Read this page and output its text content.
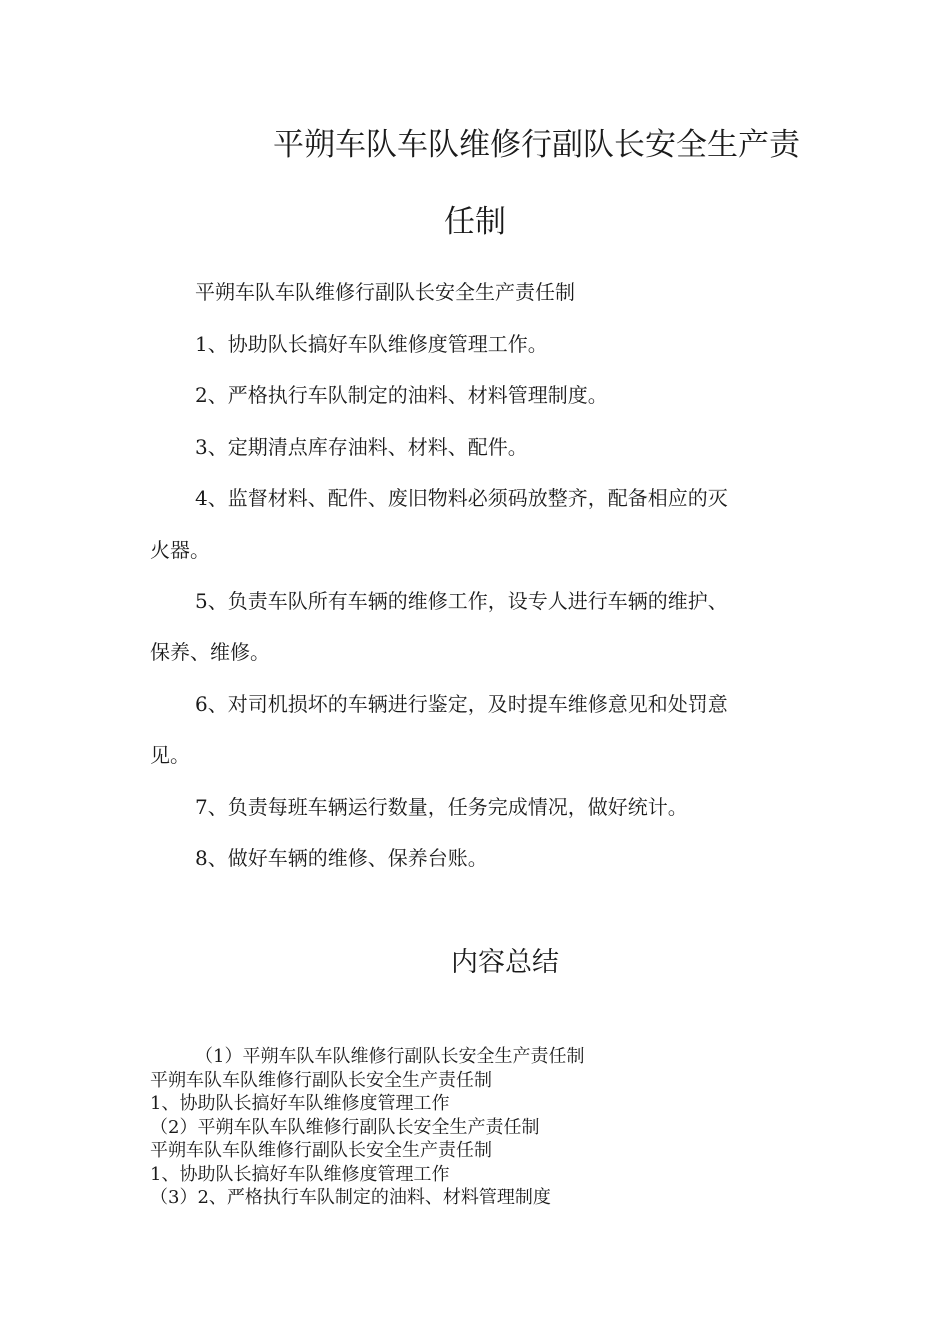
平朔车队车队维修行副队长安全生产责
任制

平朔车队车队维修行副队长安全生产责任制

1、协助队长搞好车队维修度管理工作。

2、严格执行车队制定的油料、材料管理制度。

3、定期清点库存油料、材料、配件。

4、监督材料、配件、废旧物料必须码放整齐，配备相应的灭

火器。

5、负责车队所有车辆的维修工作，设专人进行车辆的维护、

保养、维修。

6、对司机损坏的车辆进行鉴定，及时提车维修意见和处罚意

见。

7、负责每班车辆运行数量，任务完成情况，做好统计。

8、做好车辆的维修、保养台账。

内容总结
（1）平朔车队车队维修行副队长安全生产责任制
平朔车队车队维修行副队长安全生产责任制
1、协助队长搞好车队维修度管理工作
（2）平朔车队车队维修行副队长安全生产责任制
平朔车队车队维修行副队长安全生产责任制
1、协助队长搞好车队维修度管理工作
（3）2、严格执行车队制定的油料、材料管理制度
